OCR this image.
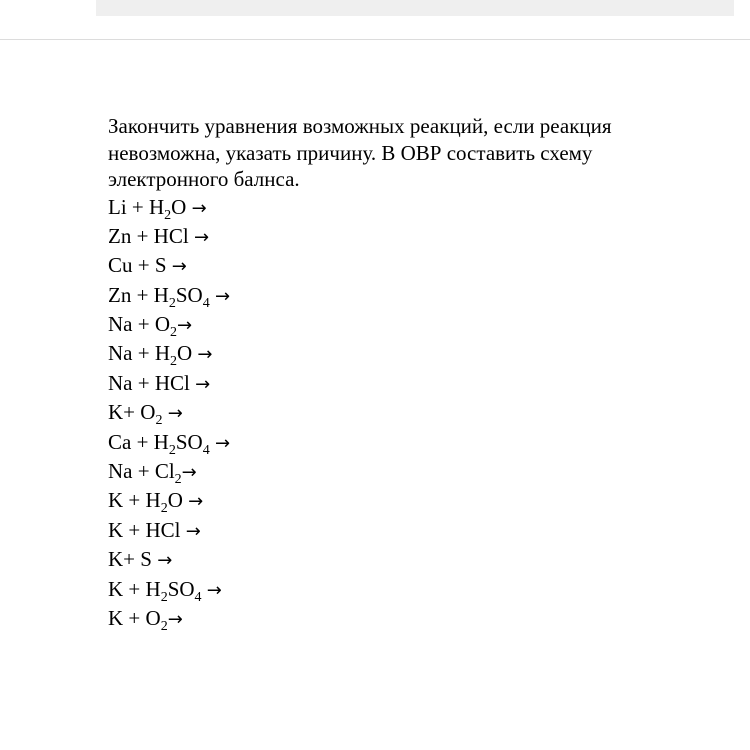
Закончить уравнения возможных реакций, если реакция
невозможна, указать причину. В ОВР составить схему
электронного балнса.

$Li + H_2O$ →
Zn + HCl →
Cu + S →
$Zn + H_2SO_4$ →
$Na + O_2\to$
$Na + H_2O$ →
Na + HCl →
$K+ O_2$ →
$Ca + H_2SO_4$ →
$Na + Cl_2\to$
$K + H_2O$ →
K + HCl →
K+ S →
$K + H_2SO_4$ →
$K + O_2\to$
